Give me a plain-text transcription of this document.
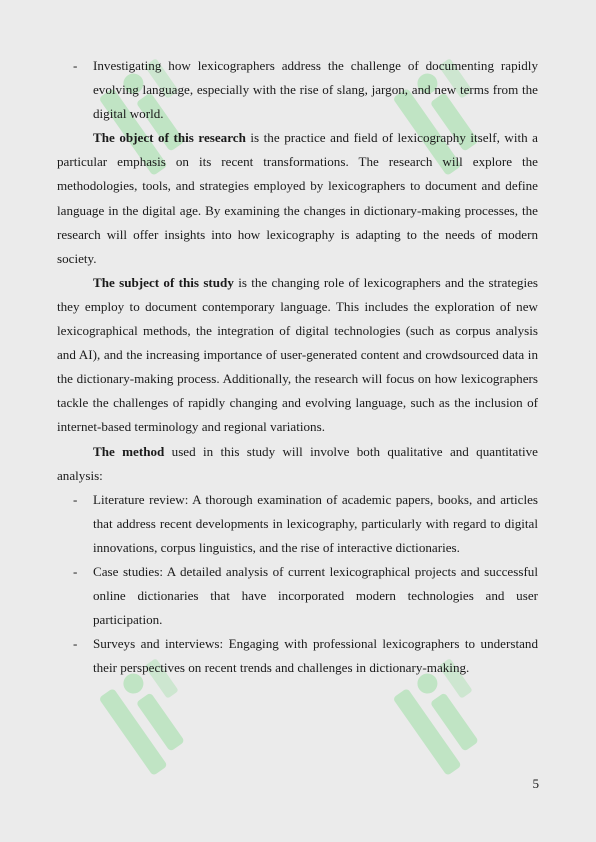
- Investigating how lexicographers address the challenge of documenting rapidly evolving language, especially with the rise of slang, jargon, and new terms from the digital world.

The object of this research is the practice and field of lexicography itself, with a particular emphasis on its recent transformations. The research will explore the methodologies, tools, and strategies employed by lexicographers to document and define language in the digital age. By examining the changes in dictionary-making processes, the research will offer insights into how lexicography is adapting to the needs of modern society.

The subject of this study is the changing role of lexicographers and the strategies they employ to document contemporary language. This includes the exploration of new lexicographical methods, the integration of digital technologies (such as corpus analysis and AI), and the increasing importance of user-generated content and crowdsourced data in the dictionary-making process. Additionally, the research will focus on how lexicographers tackle the challenges of rapidly changing and evolving language, such as the inclusion of internet-based terminology and regional variations.

The method used in this study will involve both qualitative and quantitative analysis:

- Literature review: A thorough examination of academic papers, books, and articles that address recent developments in lexicography, particularly with regard to digital innovations, corpus linguistics, and the rise of interactive dictionaries.

- Case studies: A detailed analysis of current lexicographical projects and successful online dictionaries that have incorporated modern technologies and user participation.

- Surveys and interviews: Engaging with professional lexicographers to understand their perspectives on recent trends and challenges in dictionary-making.

5
